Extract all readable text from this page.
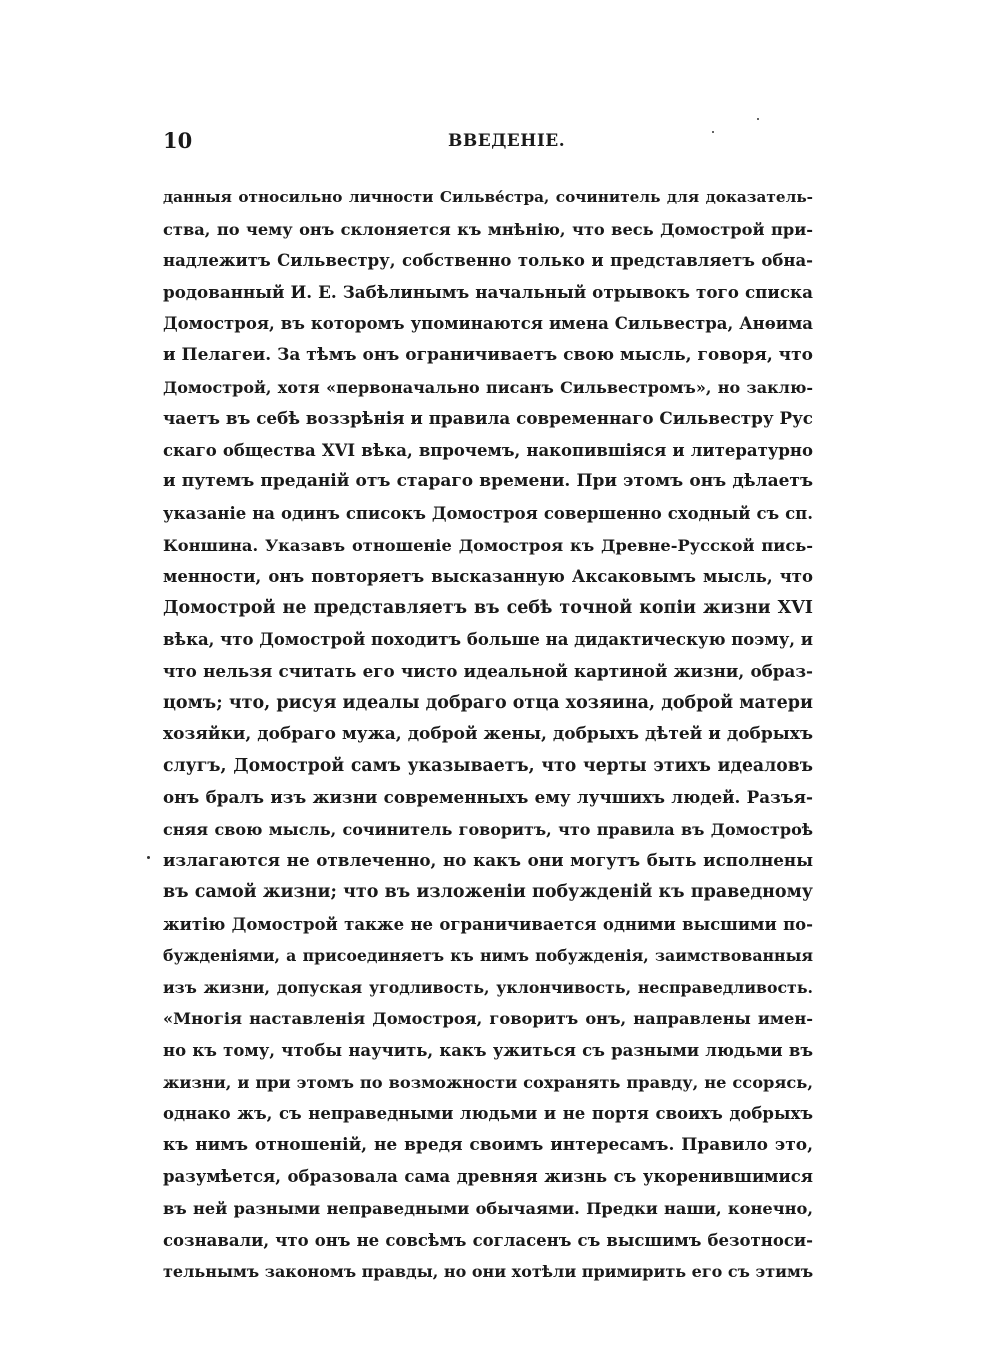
10	ВВЕДЕНІЕ.
данныя относильно личности Сильве́стра, сочинитель для доказатель-
ства, по чему онъ склоняется къ мнѣнію, что весь Домострой при-
надлежитъ Сильвестру, собственно только и представляетъ обна-
родованный И. Е. Забѣлинымъ начальный отрывокъ того списка
Домостроя, въ которомъ упоминаются имена Сильвестра, Анөима
и Пелагеи. За тѣмъ онъ ограничиваетъ свою мысль, говоря, что
Домострой, хотя «первоначально писанъ Сильвестромъ», но заклю-
чаетъ въ себѣ воззрѣнія и правила современнаго Сильвестру Рус
скаго общества XVI вѣка, впрочемъ, накопившіяся и литературно
и путемъ преданій отъ стараго времени. При этомъ онъ дѣлаетъ
указаніе на одинъ списокъ Домостроя совершенно сходный съ сп.
Коншина. Указавъ отношеніе Домостроя къ Древне-Русской пись-
менности, онъ повторяетъ высказанную Аксаковымъ мысль, что
Домострой не представляетъ въ себѣ точной копіи жизни XVI
вѣка, что Домострой походитъ больше на дидактическую поэму, и
что нельзя считать его чисто идеальной картиной жизни, образ-
цомъ; что, рисуя идеалы добраго отца хозяина, доброй матери
хозяйки, добраго мужа, доброй жены, добрыхъ дѣтей и добрыхъ
слугъ, Домострой самъ указываетъ, что черты этихъ идеаловъ
онъ бралъ изъ жизни современныхъ ему лучшихъ людей. Разъя-
сняя свою мысль, сочинитель говоритъ, что правила въ Домостроѣ
излагаются не отвлеченно, но какъ они могутъ быть исполнены
въ самой жизни; что въ изложеніи побужденій къ праведному
житію Домострой также не ограничивается одними высшими по-
бужденіями, а присоединяетъ къ нимъ побужденія, заимствованныя
изъ жизни, допуская угодливость, уклончивость, несправедливость.
«Многія наставленія Домостроя, говоритъ онъ, направлены имен-
но къ тому, чтобы научить, какъ ужиться съ разными людьми въ
жизни, и при этомъ по возможности сохранять правду, не ссорясь,
однако жъ, съ неправедными людьми и не портя своихъ добрыхъ
къ нимъ отношеній, не вредя своимъ интересамъ. Правило это,
разумѣется, образовала сама древняя жизнь съ укоренившимися
въ ней разными неправедными обычаями. Предки наши, конечно,
сознавали, что онъ не совсѣмъ согласенъ съ высшимъ безотноси-
тельнымъ закономъ правды, но они хотѣли примирить его съ этимъ
